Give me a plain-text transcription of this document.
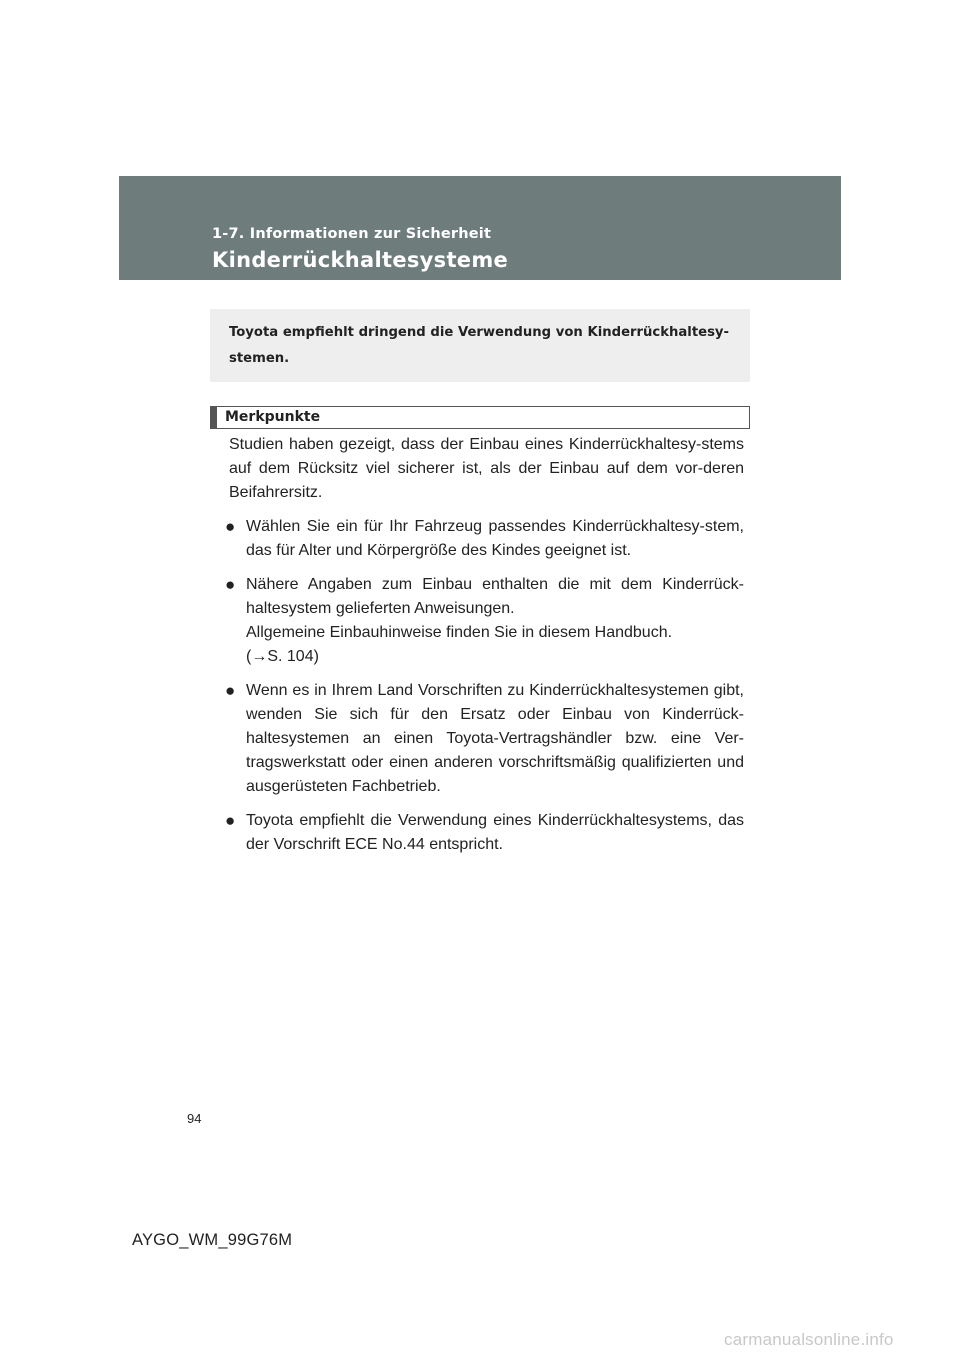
1-7. Informationen zur Sicherheit
Kinderrückhaltesysteme
Toyota empfiehlt dringend die Verwendung von Kinderrückhaltesy-stemen.
Merkpunkte

Studien haben gezeigt, dass der Einbau eines Kinderrückhaltesy-stems auf dem Rücksitz viel sicherer ist, als der Einbau auf dem vor-deren Beifahrersitz.

● Wählen Sie ein für Ihr Fahrzeug passendes Kinderrückhaltesy-stem, das für Alter und Körpergröße des Kindes geeignet ist.
● Nähere Angaben zum Einbau enthalten die mit dem Kinderrück-haltesystem gelieferten Anweisungen.
Allgemeine Einbauhinweise finden Sie in diesem Handbuch.
(→S. 104)
● Wenn es in Ihrem Land Vorschriften zu Kinderrückhaltesystemen gibt, wenden Sie sich für den Ersatz oder Einbau von Kinderrück-haltesystemen an einen Toyota-Vertragshändler bzw. eine Ver-tragswerkstatt oder einen anderen vorschriftsmäßig qualifizierten und ausgerüsteten Fachbetrieb.
● Toyota empfiehlt die Verwendung eines Kinderrückhaltesystems, das der Vorschrift ECE No.44 entspricht.
94
AYGO_WM_99G76M
carmanualsonline.info
